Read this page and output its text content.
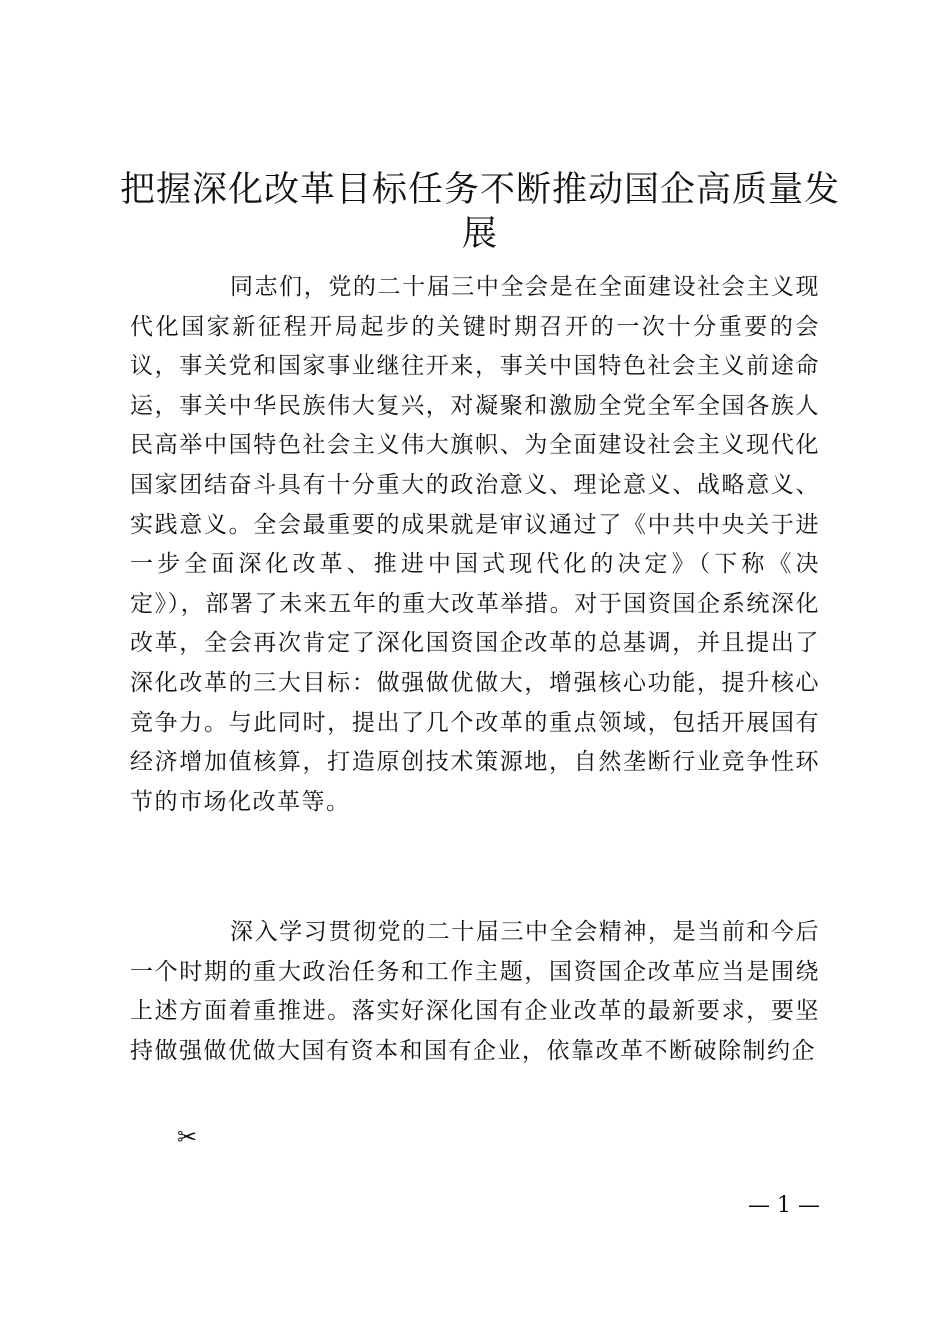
把握深化改革目标任务不断推动国企高质量发展

同志们，党的二十届三中全会是在全面建设社会主义现代化国家新征程开局起步的关键时期召开的一次十分重要的会议，事关党和国家事业继往开来，事关中国特色社会主义前途命运，事关中华民族伟大复兴，对凝聚和激励全党全军全国各族人民高举中国特色社会主义伟大旗帜、为全面建设社会主义现代化国家团结奋斗具有十分重大的政治意义、理论意义、战略意义、实践意义。全会最重要的成果就是审议通过了《中共中央关于进一步全面深化改革、推进中国式现代化的决定》（下称《决定》），部署了未来五年的重大改革举措。对于国资国企系统深化改革，全会再次肯定了深化国资国企改革的总基调，并且提出了深化改革的三大目标：做强做优做大，增强核心功能，提升核心竞争力。与此同时，提出了几个改革的重点领域，包括开展国有经济增加值核算，打造原创技术策源地，自然垄断行业竞争性环节的市场化改革等。

深入学习贯彻党的二十届三中全会精神，是当前和今后一个时期的重大政治任务和工作主题，国资国企改革应当是围绕上述方面着重推进。落实好深化国有企业改革的最新要求，要坚持做强做优做大国有资本和国有企业，依靠改革不断破除制约企

✂
— 1 —
